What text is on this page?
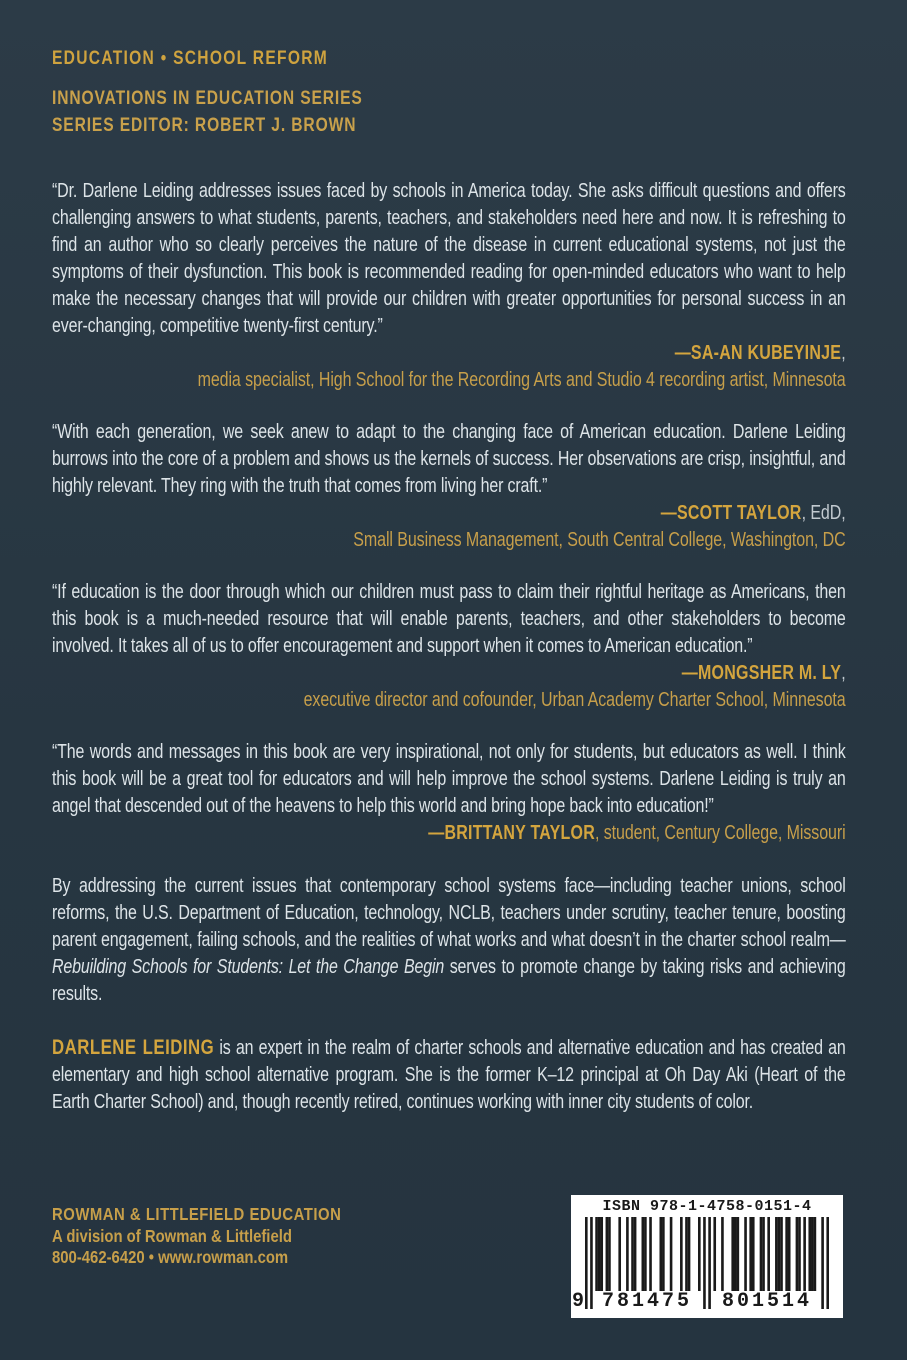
EDUCATION • SCHOOL REFORM
INNOVATIONS IN EDUCATION SERIES
SERIES EDITOR: ROBERT J. BROWN

“Dr. Darlene Leiding addresses issues faced by schools in America today. She asks difficult questions and offers challenging answers to what students, parents, teachers, and stakeholders need here and now. It is refreshing to find an author who so clearly perceives the nature of the disease in current educational systems, not just the symptoms of their dysfunction. This book is recommended reading for open-minded educators who want to help make the necessary changes that will provide our children with greater opportunities for personal success in an ever-changing, competitive twenty-first century.”

—SA-AN KUBEYINJE,
media specialist, High School for the Recording Arts and Studio 4 recording artist, Minnesota

“With each generation, we seek anew to adapt to the changing face of American education. Darlene Leiding burrows into the core of a problem and shows us the kernels of success. Her observations are crisp, insightful, and highly relevant. They ring with the truth that comes from living her craft.”

—SCOTT TAYLOR, EdD,
Small Business Management, South Central College, Washington, DC

“If education is the door through which our children must pass to claim their rightful heritage as Americans, then this book is a much-needed resource that will enable parents, teachers, and other stakeholders to become involved. It takes all of us to offer encouragement and support when it comes to American education.”

—MONGSHER M. LY,
executive director and cofounder, Urban Academy Charter School, Minnesota

“The words and messages in this book are very inspirational, not only for students, but educators as well. I think this book will be a great tool for educators and will help improve the school systems. Darlene Leiding is truly an angel that descended out of the heavens to help this world and bring hope back into education!”

—BRITTANY TAYLOR, student, Century College, Missouri

By addressing the current issues that contemporary school systems face—including teacher unions, school reforms, the U.S. Department of Education, technology, NCLB, teachers under scrutiny, teacher tenure, boosting parent engagement, failing schools, and the realities of what works and what doesn’t in the charter school realm—Rebuilding Schools for Students: Let the Change Begin serves to promote change by taking risks and achieving results.

DARLENE LEIDING is an expert in the realm of charter schools and alternative education and has created an elementary and high school alternative program. She is the former K–12 principal at Oh Day Aki (Heart of the Earth Charter School) and, though recently retired, continues working with inner city students of color.

ROWMAN & LITTLEFIELD EDUCATION
A division of Rowman & Littlefield
800-462-6420 • www.rowman.com
ISBN 978-1-4758-0151-4
9 781475	801514
